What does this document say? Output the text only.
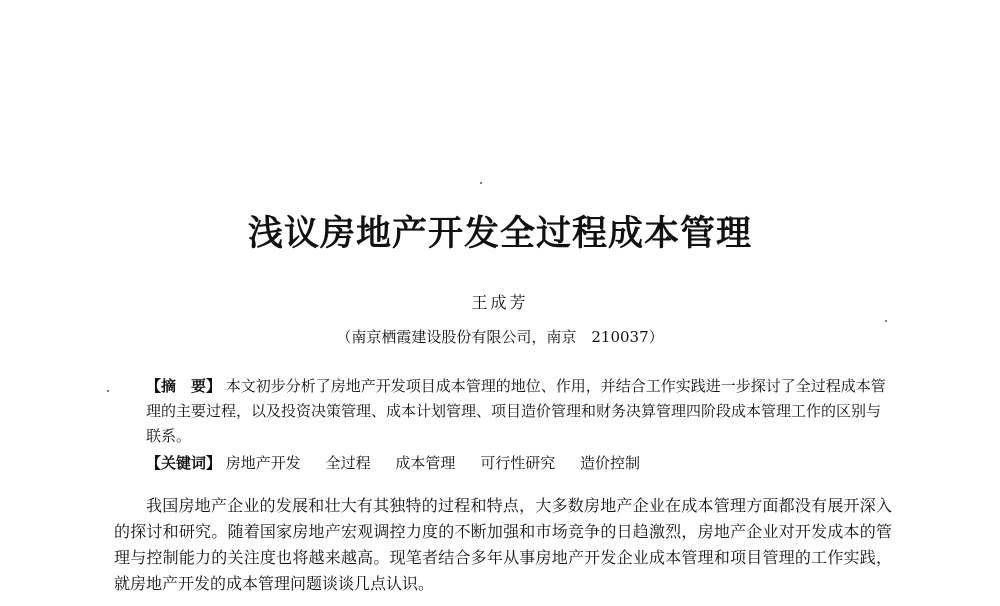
浅议房地产开发全过程成本管理
王成芳
（南京栖霞建设股份有限公司，南京　210037）
【摘　要】 本文初步分析了房地产开发项目成本管理的地位、作用，并结合工作实践进一步探讨了全过程成本管理的主要过程，以及投资决策管理、成本计划管理、项目造价管理和财务决算管理四阶段成本管理工作的区别与联系。
【关键词】 房地产开发 全过程 成本管理 可行性研究 造价控制

我国房地产企业的发展和壮大有其独特的过程和特点，大多数房地产企业在成本管理方面都没有展开深入的探讨和研究。随着国家房地产宏观调控力度的不断加强和市场竞争的日趋激烈，房地产企业对开发成本的管理与控制能力的关注度也将越来越高。现笔者结合多年从事房地产开发企业成本管理和项目管理的工作实践，就房地产开发的成本管理问题谈谈几点认识。
